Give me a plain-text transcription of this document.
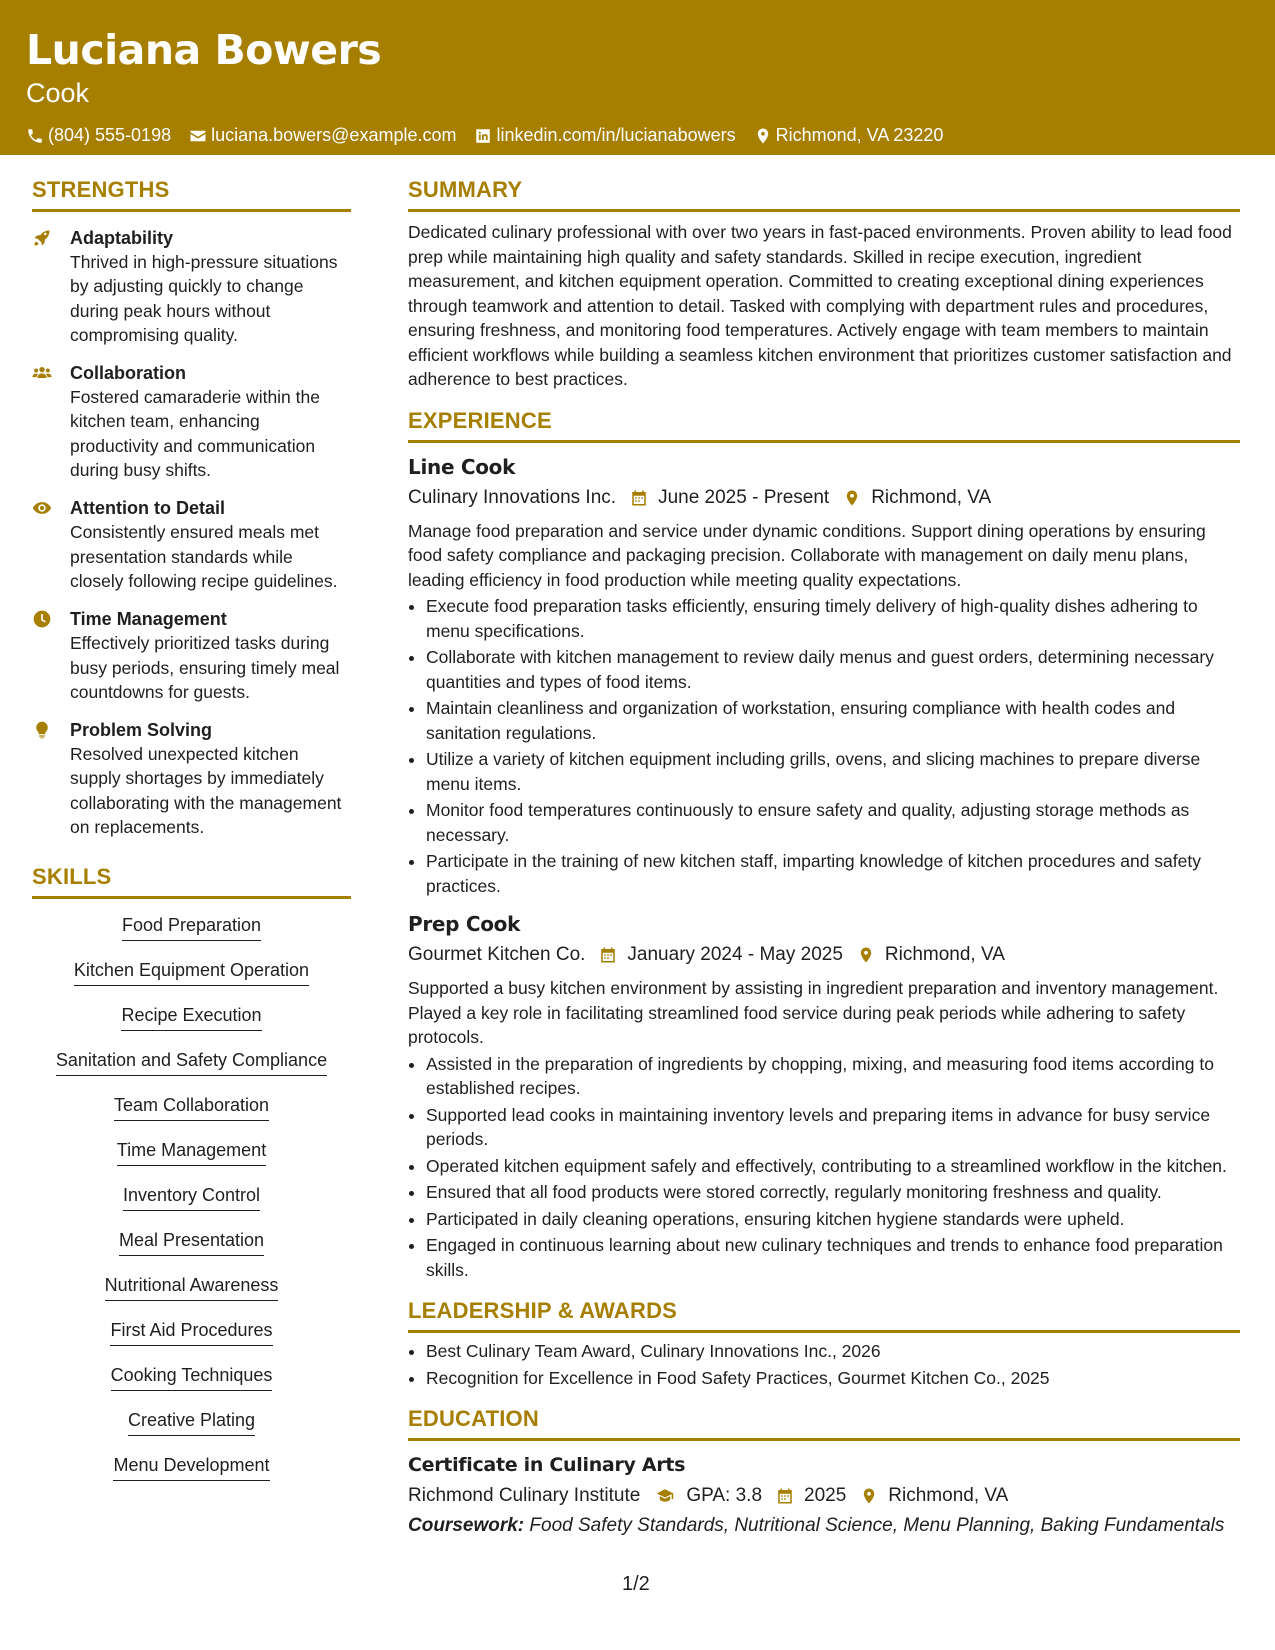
Luciana Bowers
Cook
(804) 555-0198 luciana.bowers@example.com linkedin.com/in/lucianabowers Richmond, VA 23220
STRENGTHS
Adaptability
Thrived in high-pressure situations by adjusting quickly to change during peak hours without compromising quality.
Collaboration
Fostered camaraderie within the kitchen team, enhancing productivity and communication during busy shifts.
Attention to Detail
Consistently ensured meals met presentation standards while closely following recipe guidelines.
Time Management
Effectively prioritized tasks during busy periods, ensuring timely meal countdowns for guests.
Problem Solving
Resolved unexpected kitchen supply shortages by immediately collaborating with the management on replacements.
SKILLS
Food Preparation
Kitchen Equipment Operation
Recipe Execution
Sanitation and Safety Compliance
Team Collaboration
Time Management
Inventory Control
Meal Presentation
Nutritional Awareness
First Aid Procedures
Cooking Techniques
Creative Plating
Menu Development
SUMMARY
Dedicated culinary professional with over two years in fast-paced environments. Proven ability to lead food prep while maintaining high quality and safety standards. Skilled in recipe execution, ingredient measurement, and kitchen equipment operation. Committed to creating exceptional dining experiences through teamwork and attention to detail. Tasked with complying with department rules and procedures, ensuring freshness, and monitoring food temperatures. Actively engage with team members to maintain efficient workflows while building a seamless kitchen environment that prioritizes customer satisfaction and adherence to best practices.
EXPERIENCE
Line Cook
Culinary Innovations Inc. June 2025 - Present Richmond, VA
Manage food preparation and service under dynamic conditions. Support dining operations by ensuring food safety compliance and packaging precision. Collaborate with management on daily menu plans, leading efficiency in food production while meeting quality expectations.
• Execute food preparation tasks efficiently, ensuring timely delivery of high-quality dishes adhering to menu specifications.
• Collaborate with kitchen management to review daily menus and guest orders, determining necessary quantities and types of food items.
• Maintain cleanliness and organization of workstation, ensuring compliance with health codes and sanitation regulations.
• Utilize a variety of kitchen equipment including grills, ovens, and slicing machines to prepare diverse menu items.
• Monitor food temperatures continuously to ensure safety and quality, adjusting storage methods as necessary.
• Participate in the training of new kitchen staff, imparting knowledge of kitchen procedures and safety practices.
Prep Cook
Gourmet Kitchen Co. January 2024 - May 2025 Richmond, VA
Supported a busy kitchen environment by assisting in ingredient preparation and inventory management. Played a key role in facilitating streamlined food service during peak periods while adhering to safety protocols.
• Assisted in the preparation of ingredients by chopping, mixing, and measuring food items according to established recipes.
• Supported lead cooks in maintaining inventory levels and preparing items in advance for busy service periods.
• Operated kitchen equipment safely and effectively, contributing to a streamlined workflow in the kitchen.
• Ensured that all food products were stored correctly, regularly monitoring freshness and quality.
• Participated in daily cleaning operations, ensuring kitchen hygiene standards were upheld.
• Engaged in continuous learning about new culinary techniques and trends to enhance food preparation skills.
LEADERSHIP & AWARDS
• Best Culinary Team Award, Culinary Innovations Inc., 2026
• Recognition for Excellence in Food Safety Practices, Gourmet Kitchen Co., 2025
EDUCATION
Certificate in Culinary Arts
Richmond Culinary Institute GPA: 3.8 2025 Richmond, VA
Coursework: Food Safety Standards, Nutritional Science, Menu Planning, Baking Fundamentals
1/2
